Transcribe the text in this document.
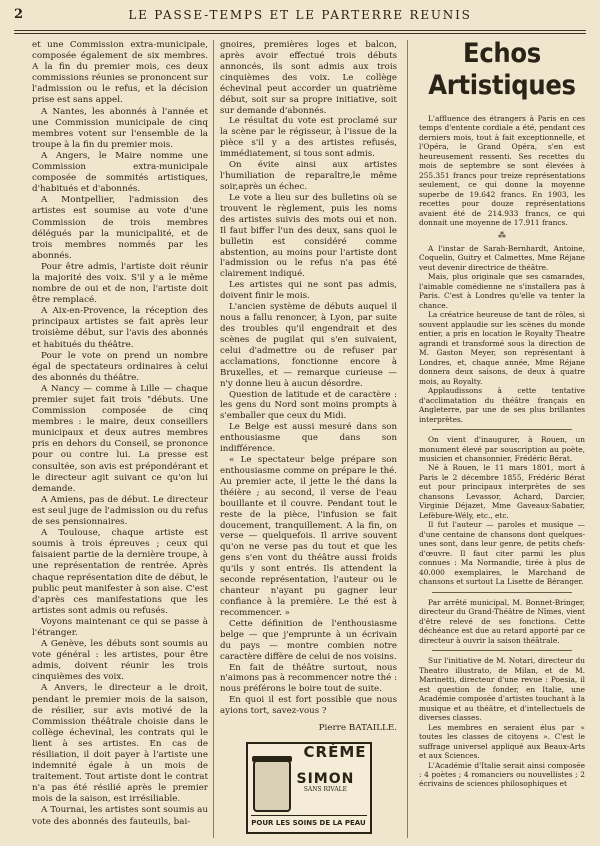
2	LE PASSE-TEMPS ET LE PARTERRE REUNIS

et une Commission extra-municipale, composée également de six membres. A la fin du premier mois, ces deux commissions réunies se prononcent sur l'admission ou le refus, et la décision prise est sans appel.

A Nantes, les abonnés à l'année et une Commission municipale de cinq membres votent sur l'ensemble de la troupe à la fin du premier mois.

A Angers, le Maire nomme une Commission extra-municipale composée de sommités artistiques, d'habitués et d'abonnés.

A Montpellier, l'admission des artistes est soumise au vote d'une Commission de trois membres délégués par la municipalité, et de trois membres nommés par les abonnés.

Pour être admis, l'artiste doit réunir la majorité des voix. S'il y a le même nombre de oui et de non, l'artiste doit être remplacé.

A Aix-en-Provence, la réception des principaux artistes se fait après leur troisième début, sur l'avis des abonnés et habitués du théâtre.

Pour le vote on prend un nombre égal de spectateurs ordinaires à celui des abonnés du théâtre.

A Nancy — comme à Lille — chaque premier sujet fait trois "débuts. Une Commission composée de cinq membres : le maire, deux conseillers municipaux et deux autres membres pris en dehors du Conseil, se prononce pour ou contre lui. La presse est consultée, son avis est prépondérant et le directeur agit suivant ce qu'on lui demande.

A Amiens, pas de début. Le directeur est seul juge de l'admission ou du refus de ses pensionnaires.

A Toulouse, chaque artiste est soumis à trois épreuves ; ceux qui faisaient partie de la dernière troupe, à une représentation de rentrée. Après chaque représentation dite de début, le public peut manifester à son aise. C'est d'après ces manifestations que les artistes sont admis ou refusés.

Voyons maintenant ce qui se passe à l'étranger.

A Genève, les débuts sont soumis au vote général : les artistes, pour être admis, doivent réunir les trois cinquièmes des voix.

A Anvers, le directeur a le droit, pendant le premier mois de la saison, de résilier, sur avis motivé de la Commission théâtrale choisie dans le collège échevinal, les contrats qui le lient à ses artistes. En cas de résiliation, il doit payer à l'artiste une indemnité égale à un mois de traitement. Tout artiste dont le contrat n'a pas été résilié après le premier mois de la saison, est irrésiliable.

A Tournai, les artistes sont soumis au vote des abonnés des fauteuils, bai-

gnoires, premières loges et balcon, après avoir effectué trois débuts annoncés, ils sont admis aux trois cinquièmes des voix. Le collège échevinal peut accorder un quatrième début, soit sur sa propre initiative, soit sur demande d'abonnés.

Le résultat du vote est proclamé sur la scène par le régisseur, à l'issue de la pièce s'il y a des artistes refusés, immédiatement, si tous sont admis.

On évite ainsi aux artistes l'humiliation de reparaître,le même soir,après un échec.

Le vote a lieu sur des bulletins où se trouvent le règlement, puis les noms des artistes suivis des mots oui et non. Il faut biffer l'un des deux, sans quoi le bulletin est considéré comme abstention, au moins pour l'artiste dont l'admission ou le refus n'a pas été clairement indiqué.

Les artistes qui ne sont pas admis, doivent finir le mois.

L'ancien système de débuts auquel il nous a fallu renoncer, à Lyon, par suite des troubles qu'il engendrait et des scènes de pugilat qui s'en suivaient, celui d'admettre ou de refuser par acclamations, fonctionne encore à Bruxelles, et — remarque curieuse — n'y donne lieu à aucun désordre.

Question de latitude et de caractère : les gens du Nord sont moins prompts à s'emballer que ceux du Midi.

Le Belge est aussi mesuré dans son enthousiasme que dans son indifférence.

« Le spectateur belge prépare son enthousiasme comme on prépare le thé. Au premier acte, il jette le thé dans la théière ; au second, il verse de l'eau bouillante et il couvre. Pendant tout le reste de la pièce, l'infusion se fait doucement, tranquillement. A la fin, on verse — quelquefois. Il arrive souvent qu'on ne verse pas du tout et que les gens s'en vont du théâtre aussi froids qu'ils y sont entrés. Ils attendent la seconde représentation, l'auteur ou le chanteur n'ayant pu gagner leur confiance à la première. Le thé est à recommencer. »

Cette définition de l'enthousiasme belge — que j'emprunte à un écrivain du pays — montre combien notre caractère diffère de celui de nos voisins.

En fait de théâtre surtout, nous n'aimons pas à recommencer notre thé : nous préférons le boire tout de suite.

En quoi il est fort possible que nous ayions tort, savez-vous ?

Pierre BATAILLE.
CRÈME
SIMON
SANS RIVALE
POUR LES SOINS DE LA PEAU
Echos Artistiques

L'affluence des étrangers à Paris en ces temps d'entente cordiale a été, pendant ces derniers mois, tout à fait exceptionnelle, et l'Opéra, le Grand Opéra, s'en est heureusement ressenti. Ses recettes du mois de septembre se sont élevées à 255.351 francs pour treize représentations seulement, ce qui donne la moyenne superbe de 19.642 francs. En 1903, les recettes pour douze représentations avaient été de 214.933 francs, ce qui donnait une moyenne de 17.911 francs.

⁂

A l'instar de Sarah-Bernhardt, Antoine, Coquelin, Guitry et Calmettes, Mme Réjane veut devenir directrice de théâtre.

Mais, plus originale que ses camarades, l'aimable comédienne ne s'installera pas à Paris. C'est à Londres qu'elle va tenter la chance.

La créatrice heureuse de tant de rôles, si souvent applaudie sur les scènes du monde entier, a pris en location le Royalty Theatre agrandi et transformé sous la direction de M. Gaston Meyer, son représentant à Londres, et, chaque année, Mme Réjane donnera deux saisons, de deux à quatre mois, au Royalty.

Applaudissons à cette tentative d'acclimatation du théâtre français en Angleterre, par une de ses plus brillantes interprètes.

On vient d'inaugurer, à Rouen, un monument élevé par souscription au poète, musicien et chansonnier, Frédéric Bérat.

Né à Rouen, le 11 mars 1801, mort à Paris le 2 décembre 1855, Frédéric Bérat eut pour principaux interprètes de ses chansons Levassor, Achard, Darcier, Virginie Déjazet, Mme Gaveaux-Sabatier, Lefèbure-Wély, etc., etc.

Il fut l'auteur — paroles et musique — d'une centaine de chansons dont quelques-unes sont, dans leur genre, de petits chefs-d'œuvre. Il faut citer parmi les plus connues : Ma Normandie, tirée à plus de 40.000 exemplaires, le Marchand de chansons et surtout La Lisette de Béranger.

Par arrêté municipal, M. Bonnet-Bringer, directeur du Grand-Théâtre de Nîmes, vient d'être relevé de ses fonctions. Cette déchéance est due au retard apporté par ce directeur à ouvrir la saison théâtrale.

Sur l'initiative de M. Notari, directeur du Theatro illustrato, de Milan, et de M. Marinetti, directeur d'une revue : Poesia, il est question de fonder, en Italie, une Académie composée d'artistes touchant à la musique et au théâtre, et d'intellectuels de diverses classes.

Les membres en seraient élus par « toutes les classes de citoyens ». C'est le suffrage universel appliqué aux Beaux-Arts et aux Sciences.

L'Académie d'Italie serait ainsi composée : 4 poètes ; 4 romanciers ou nouvellistes ; 2 écrivains de sciences philosophiques et
